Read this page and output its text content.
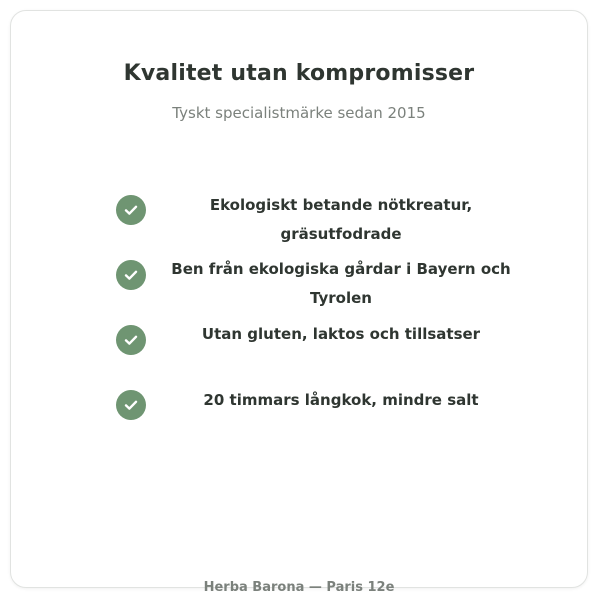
Kvalitet utan kompromisser
Tyskt specialistmärke sedan 2015
Ekologiskt betande nötkreatur, gräsutfodrade
Ben från ekologiska gårdar i Bayern och Tyrolen
Utan gluten, laktos och tillsatser
20 timmars långkok, mindre salt
Herba Barona — Paris 12e
